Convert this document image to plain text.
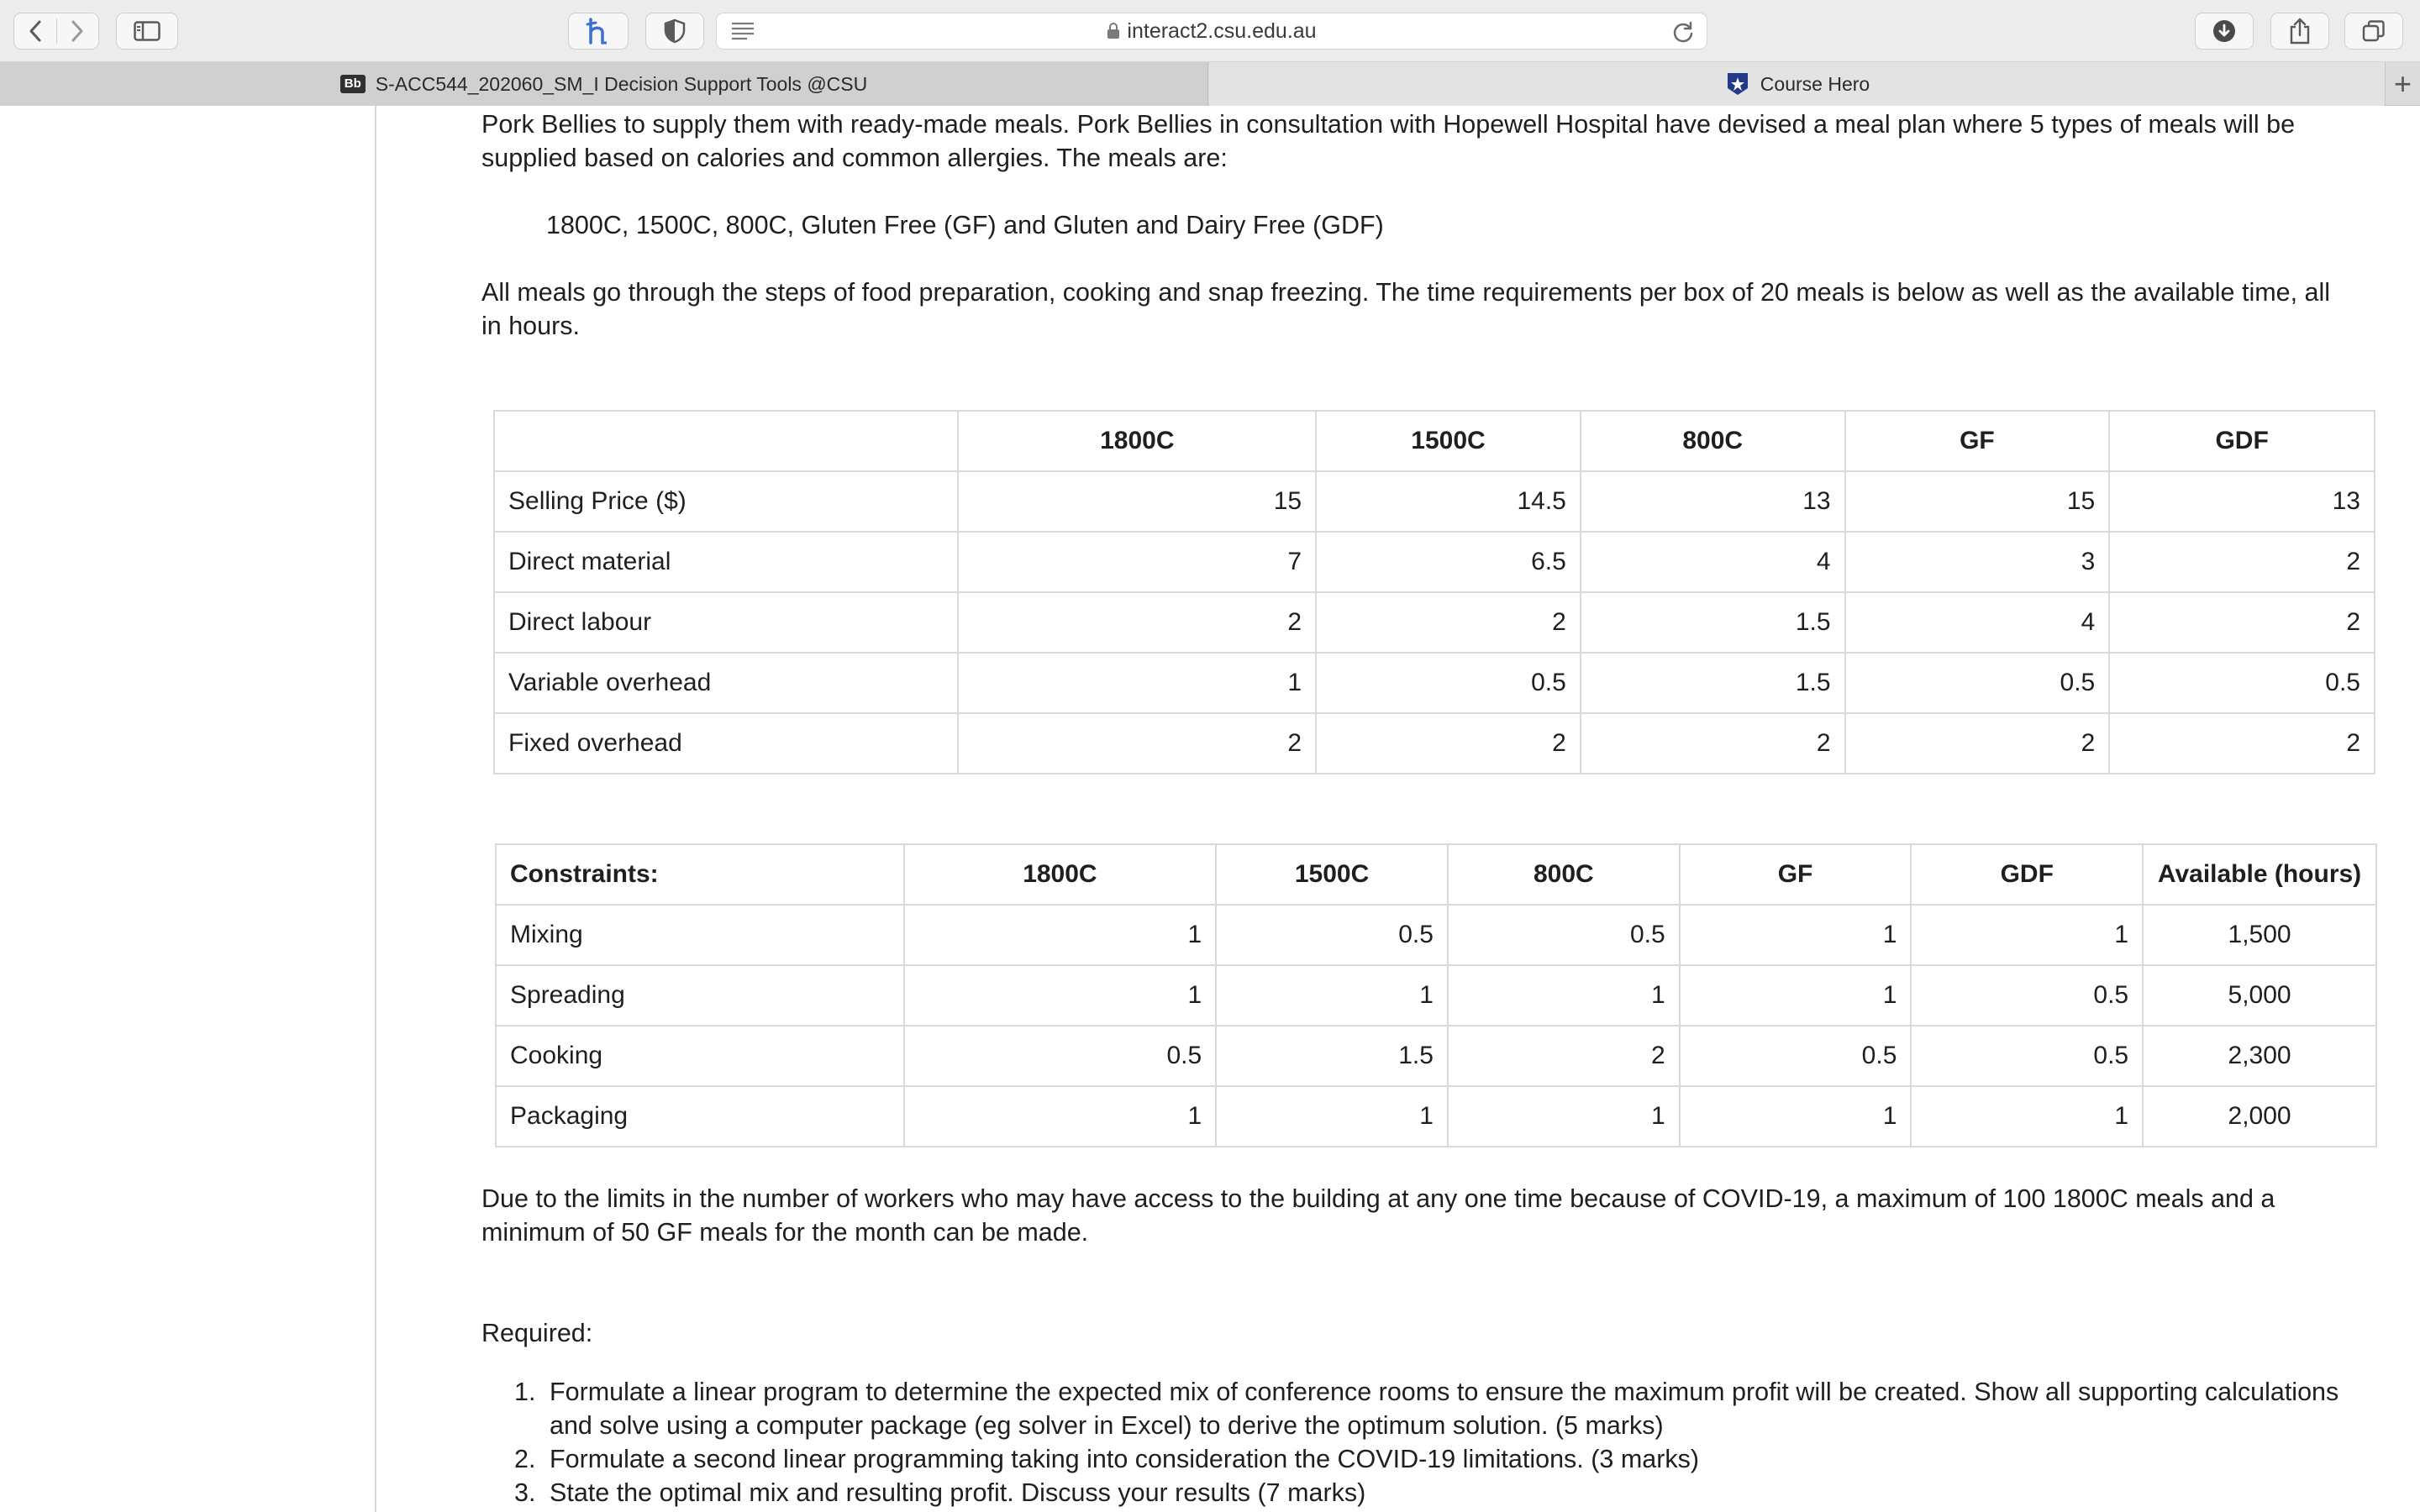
interact2.csu.edu.au
Bb S-ACC544_202060_SM_I Decision Support Tools @CSU	Course Hero	+

Pork Bellies to supply them with ready-made meals. Pork Bellies in consultation with Hopewell Hospital have devised a meal plan where 5 types of meals will be supplied based on calories and common allergies. The meals are:

1800C, 1500C, 800C, Gluten Free (GF) and Gluten and Dairy Free (GDF)

All meals go through the steps of food preparation, cooking and snap freezing. The time requirements per box of 20 meals is below as well as the available time, all in hours.

	1800C	1500C	800C	GF	GDF
Selling Price ($)	15	14.5	13	15	13
Direct material	7	6.5	4	3	2
Direct labour	2	2	1.5	4	2
Variable overhead	1	0.5	1.5	0.5	0.5
Fixed overhead	2	2	2	2	2
Constraints:	1800C	1500C	800C	GF	GDF	Available (hours)
Mixing	1	0.5	0.5	1	1	1,500
Spreading	1	1	1	1	0.5	5,000
Cooking	0.5	1.5	2	0.5	0.5	2,300
Packaging	1	1	1	1	1	2,000

Due to the limits in the number of workers who may have access to the building at any one time because of COVID-19, a maximum of 100 1800C meals and a minimum of 50 GF meals for the month can be made.

Required:

1. Formulate a linear program to determine the expected mix of conference rooms to ensure the maximum profit will be created. Show all supporting calculations and solve using a computer package (eg solver in Excel) to derive the optimum solution. (5 marks)
2. Formulate a second linear programming taking into consideration the COVID-19 limitations. (3 marks)
3. State the optimal mix and resulting profit. Discuss your results (7 marks)
